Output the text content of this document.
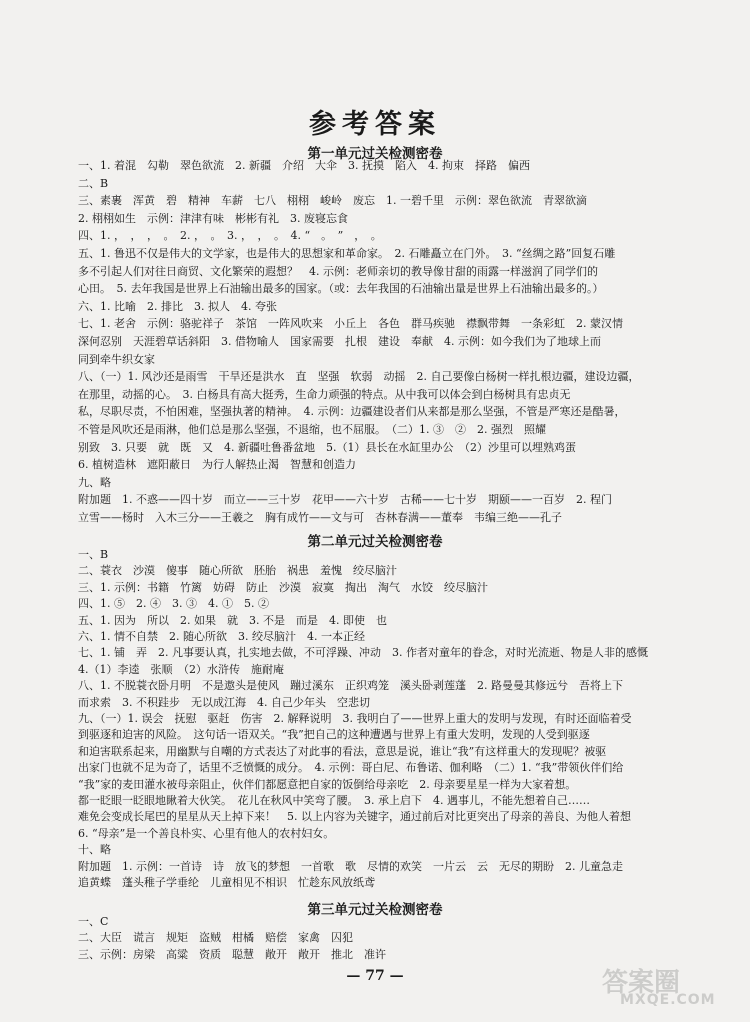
参考答案
第一单元过关检测密卷
一、1. 着混　勾勒　翠色欲流　2. 新疆　介绍　大伞　3. 抚摸　陷入　4. 拘束　择路　偏西
二、B
三、素裹　浑黄　碧　精神　车薪　七八　栩栩　峻岭　废忘　1. 一碧千里　示例：翠色欲流　青翠欲滴
2. 栩栩如生　示例：津津有味　彬彬有礼　3. 废寝忘食
四、1. ，　，　，　。　2. ，　。　3. ，　，　。　4. “　。　”　，　。
五、1. 鲁迅不仅是伟大的文学家，也是伟大的思想家和革命家。　2. 石雕矗立在门外。　3. “丝绸之路”回复石雕
多不引起人们对往日商贸、文化繁荣的遐想？　4. 示例：老师亲切的教导像甘甜的雨露一样滋润了同学们的
心田。　5. 去年我国是世界上石油输出最多的国家。（或：去年我国的石油输出量是世界上石油输出最多的。）
六、1. 比喻　2. 排比　3. 拟人　4. 夸张
七、1. 老舍　示例：骆驼祥子　茶馆　一阵风吹来　小丘上　各色　群马疾驰　襟飘带舞　一条彩虹　2. 蒙汉情
深何忍别　天涯碧草话斜阳　3. 借物喻人　国家需要　扎根　建设　奉献　4. 示例：如今我们为了地球上而
同到牵牛织女家
八、（一）1. 风沙还是雨雪　干旱还是洪水　直　坚强　软弱　动摇　2. 自己要像白杨树一样扎根边疆，建设边疆，
在那里，动摇的心。　3. 白杨具有高大挺秀，生命力顽强的特点。从中我可以体会到白杨树具有忠贞无
私，尽职尽责，不怕困难，坚强执著的精神。　4. 示例：边疆建设者们从来都是那么坚强，不管是严寒还是酷暑，
不管是风吹还是雨淋，他们总是那么坚强，不退缩，也不屈服。　（二）1. ③　②　2. 强烈　照耀
别致　3. 只要　就　既　又　4. 新疆吐鲁番盆地　5.（1）县长在水缸里办公　（2）沙里可以埋熟鸡蛋
6. 植树造林　遮阳蔽日　为行人解热止渴　智慧和创造力
九、略
附加题　1. 不惑——四十岁　而立——三十岁　花甲——六十岁　古稀——七十岁　期颐——一百岁　2. 程门
立雪——杨时　入木三分——王羲之　胸有成竹——文与可　杏林春满——董奉　韦编三绝——孔子
第二单元过关检测密卷
一、B
二、蓑衣　沙漠　傻事　随心所欲　胚胎　祸患　羞愧　绞尽脑汁
三、1. 示例：书籍　竹篱　妨碍　防止　沙漠　寂寞　掏出　淘气　水饺　绞尽脑汁
四、1. ⑤　2. ④　3. ③　4. ①　5. ②
五、1. 因为　所以　2. 如果　就　3. 不是　而是　4. 即使　也
六、1. 情不自禁　2. 随心所欲　3. 绞尽脑汁　4. 一本正经
七、1. 铺　弄　2. 凡事要认真，扎实地去做，不可浮躁、冲动　3. 作者对童年的眷念，对时光流逝、物是人非的感慨
4.（1）李逵　张顺　（2）水浒传　施耐庵
八、1. 不脱蓑衣卧月明　不是遨头是使风　蹦过溪东　正织鸡笼　溪头卧剥莲蓬　2. 路曼曼其修远兮　吾将上下
而求索　3. 不积跬步　无以成江海　4. 自己少年头　空悲切
九、（一）1. 误会　抚慰　驱赶　伤害　2. 解释说明　3. 我明白了——世界上重大的发明与发现，有时还面临着受
到驱逐和迫害的风险。　这句话一语双关。“我”把自己的这种遭遇与世界上有重大发明，发现的人受到驱逐
和迫害联系起来，用幽默与自嘲的方式表达了对此事的看法，意思是说，谁让“我”有这样重大的发现呢？被驱
出家门也就不足为奇了，话里不乏愤慨的成分。　4. 示例：哥白尼、布鲁诺、伽利略　（二）1. “我”带领伙伴们给
“我”家的麦田灌水被母亲阻止，伙伴们都愿意把自家的饭倒给母亲吃　2. 母亲要星星一样为大家着想。
都一眨眼一眨眼地瞅着大伙笑。　花儿在秋风中笑弯了腰。　3. 承上启下　4. 遇事儿，不能先想着自己……
难免会变成长尾巴的星星从天上掉下来！　5. 以上内容为关键字，通过前后对比更突出了母亲的善良、为他人着想
6. “母亲”是一个善良朴实、心里有他人的农村妇女。
十、略
附加题　1. 示例：一首诗　诗　放飞的梦想　一首歌　歌　尽情的欢笑　一片云　云　无尽的期盼　2. 儿童急走
追黄蝶　蓬头稚子学垂纶　儿童相见不相识　忙趁东风放纸鸢
第三单元过关检测密卷
一、C
二、大臣　谎言　规矩　盗贼　柑橘　赔偿　家禽　囚犯
三、示例：房梁　高粱　资质　聪慧　敞开　敞开　推北　准许
— 77 —	答案圈
MXQE.COM
